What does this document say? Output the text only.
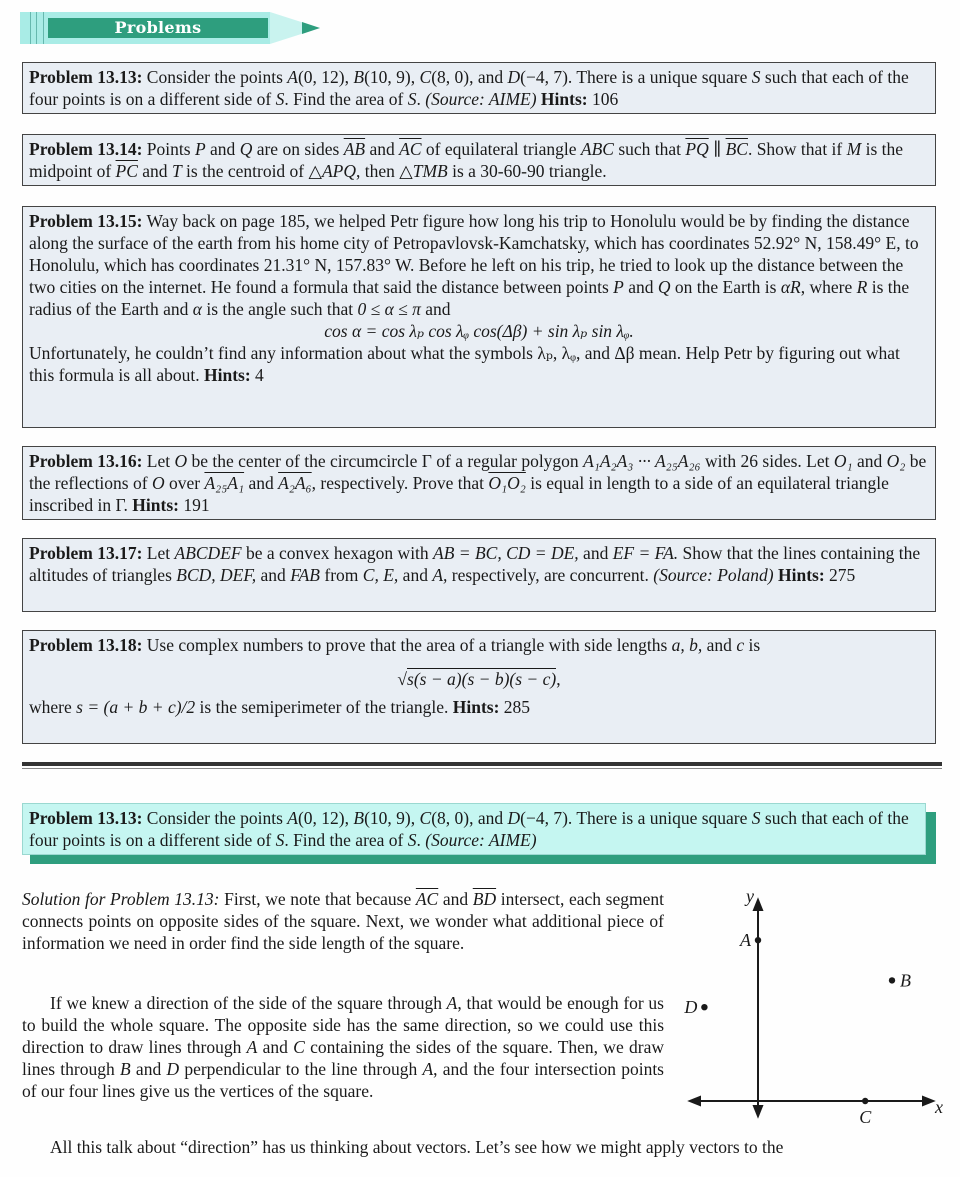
Problems
Problem 13.13: Consider the points A(0, 12), B(10, 9), C(8, 0), and D(−4, 7). There is a unique square S such that each of the four points is on a different side of S. Find the area of S. (Source: AIME) Hints: 106
Problem 13.14: Points P and Q are on sides $\overline{AB}$ and $\overline{AC}$ of equilateral triangle ABC such that $\overline{PQ}$ ∥ $\overline{BC}$. Show that if M is the midpoint of $\overline{PC}$ and T is the centroid of △APQ, then △TMB is a 30-60-90 triangle.
Problem 13.15: Way back on page 185, we helped Petr figure how long his trip to Honolulu would be by finding the distance along the surface of the earth from his home city of Petropavlovsk-Kamchatsky, which has coordinates 52.92° N, 158.49° E, to Honolulu, which has coordinates 21.31° N, 157.83° W. Before he left on his trip, he tried to look up the distance between the two cities on the internet. He found a formula that said the distance between points P and Q on the Earth is αR, where R is the radius of the Earth and α is the angle such that 0 ≤ α ≤ π and
cos α = cos λₚ cos λᵩ cos(Δβ) + sin λₚ sin λᵩ.
Unfortunately, he couldn’t find any information about what the symbols λₚ, λᵩ, and Δβ mean. Help Petr by figuring out what this formula is all about. Hints: 4
Problem 13.16: Let O be the center of the circumcircle Γ of a regular polygon A₁A₂A₃ ··· A₂₅A₂₆ with 26 sides. Let O₁ and O₂ be the reflections of O over A₂₅A₁ and A₂A₆, respectively. Prove that O₁O₂ is equal in length to a side of an equilateral triangle inscribed in Γ. Hints: 191
Problem 13.17: Let ABCDEF be a convex hexagon with AB = BC, CD = DE, and EF = FA. Show that the lines containing the altitudes of triangles BCD, DEF, and FAB from C, E, and A, respectively, are concurrent. (Source: Poland) Hints: 275
Problem 13.18: Use complex numbers to prove that the area of a triangle with side lengths a, b, and c is
√s(s − a)(s − b)(s − c),
where s = (a + b + c)/2 is the semiperimeter of the triangle. Hints: 285
Problem 13.13: Consider the points A(0, 12), B(10, 9), C(8, 0), and D(−4, 7). There is a unique square S such that each of the four points is on a different side of S. Find the area of S. (Source: AIME)
Solution for Problem 13.13: First, we note that because $\overline{AC}$ and $\overline{BD}$ intersect, each segment connects points on opposite sides of the square. Next, we wonder what additional piece of information we need in order find the side length of the square.
If we knew a direction of the side of the square through A, that would be enough for us to build the whole square. The opposite side has the same direction, so we could use this direction to draw lines through A and C containing the sides of the square. Then, we draw lines through B and D perpendicular to the line through A, and the four intersection points of our four lines give us the vertices of the square.
All this talk about “direction” has us thinking about vectors. Let’s see how we might apply vectors to the
x
y
A
B
C
D
